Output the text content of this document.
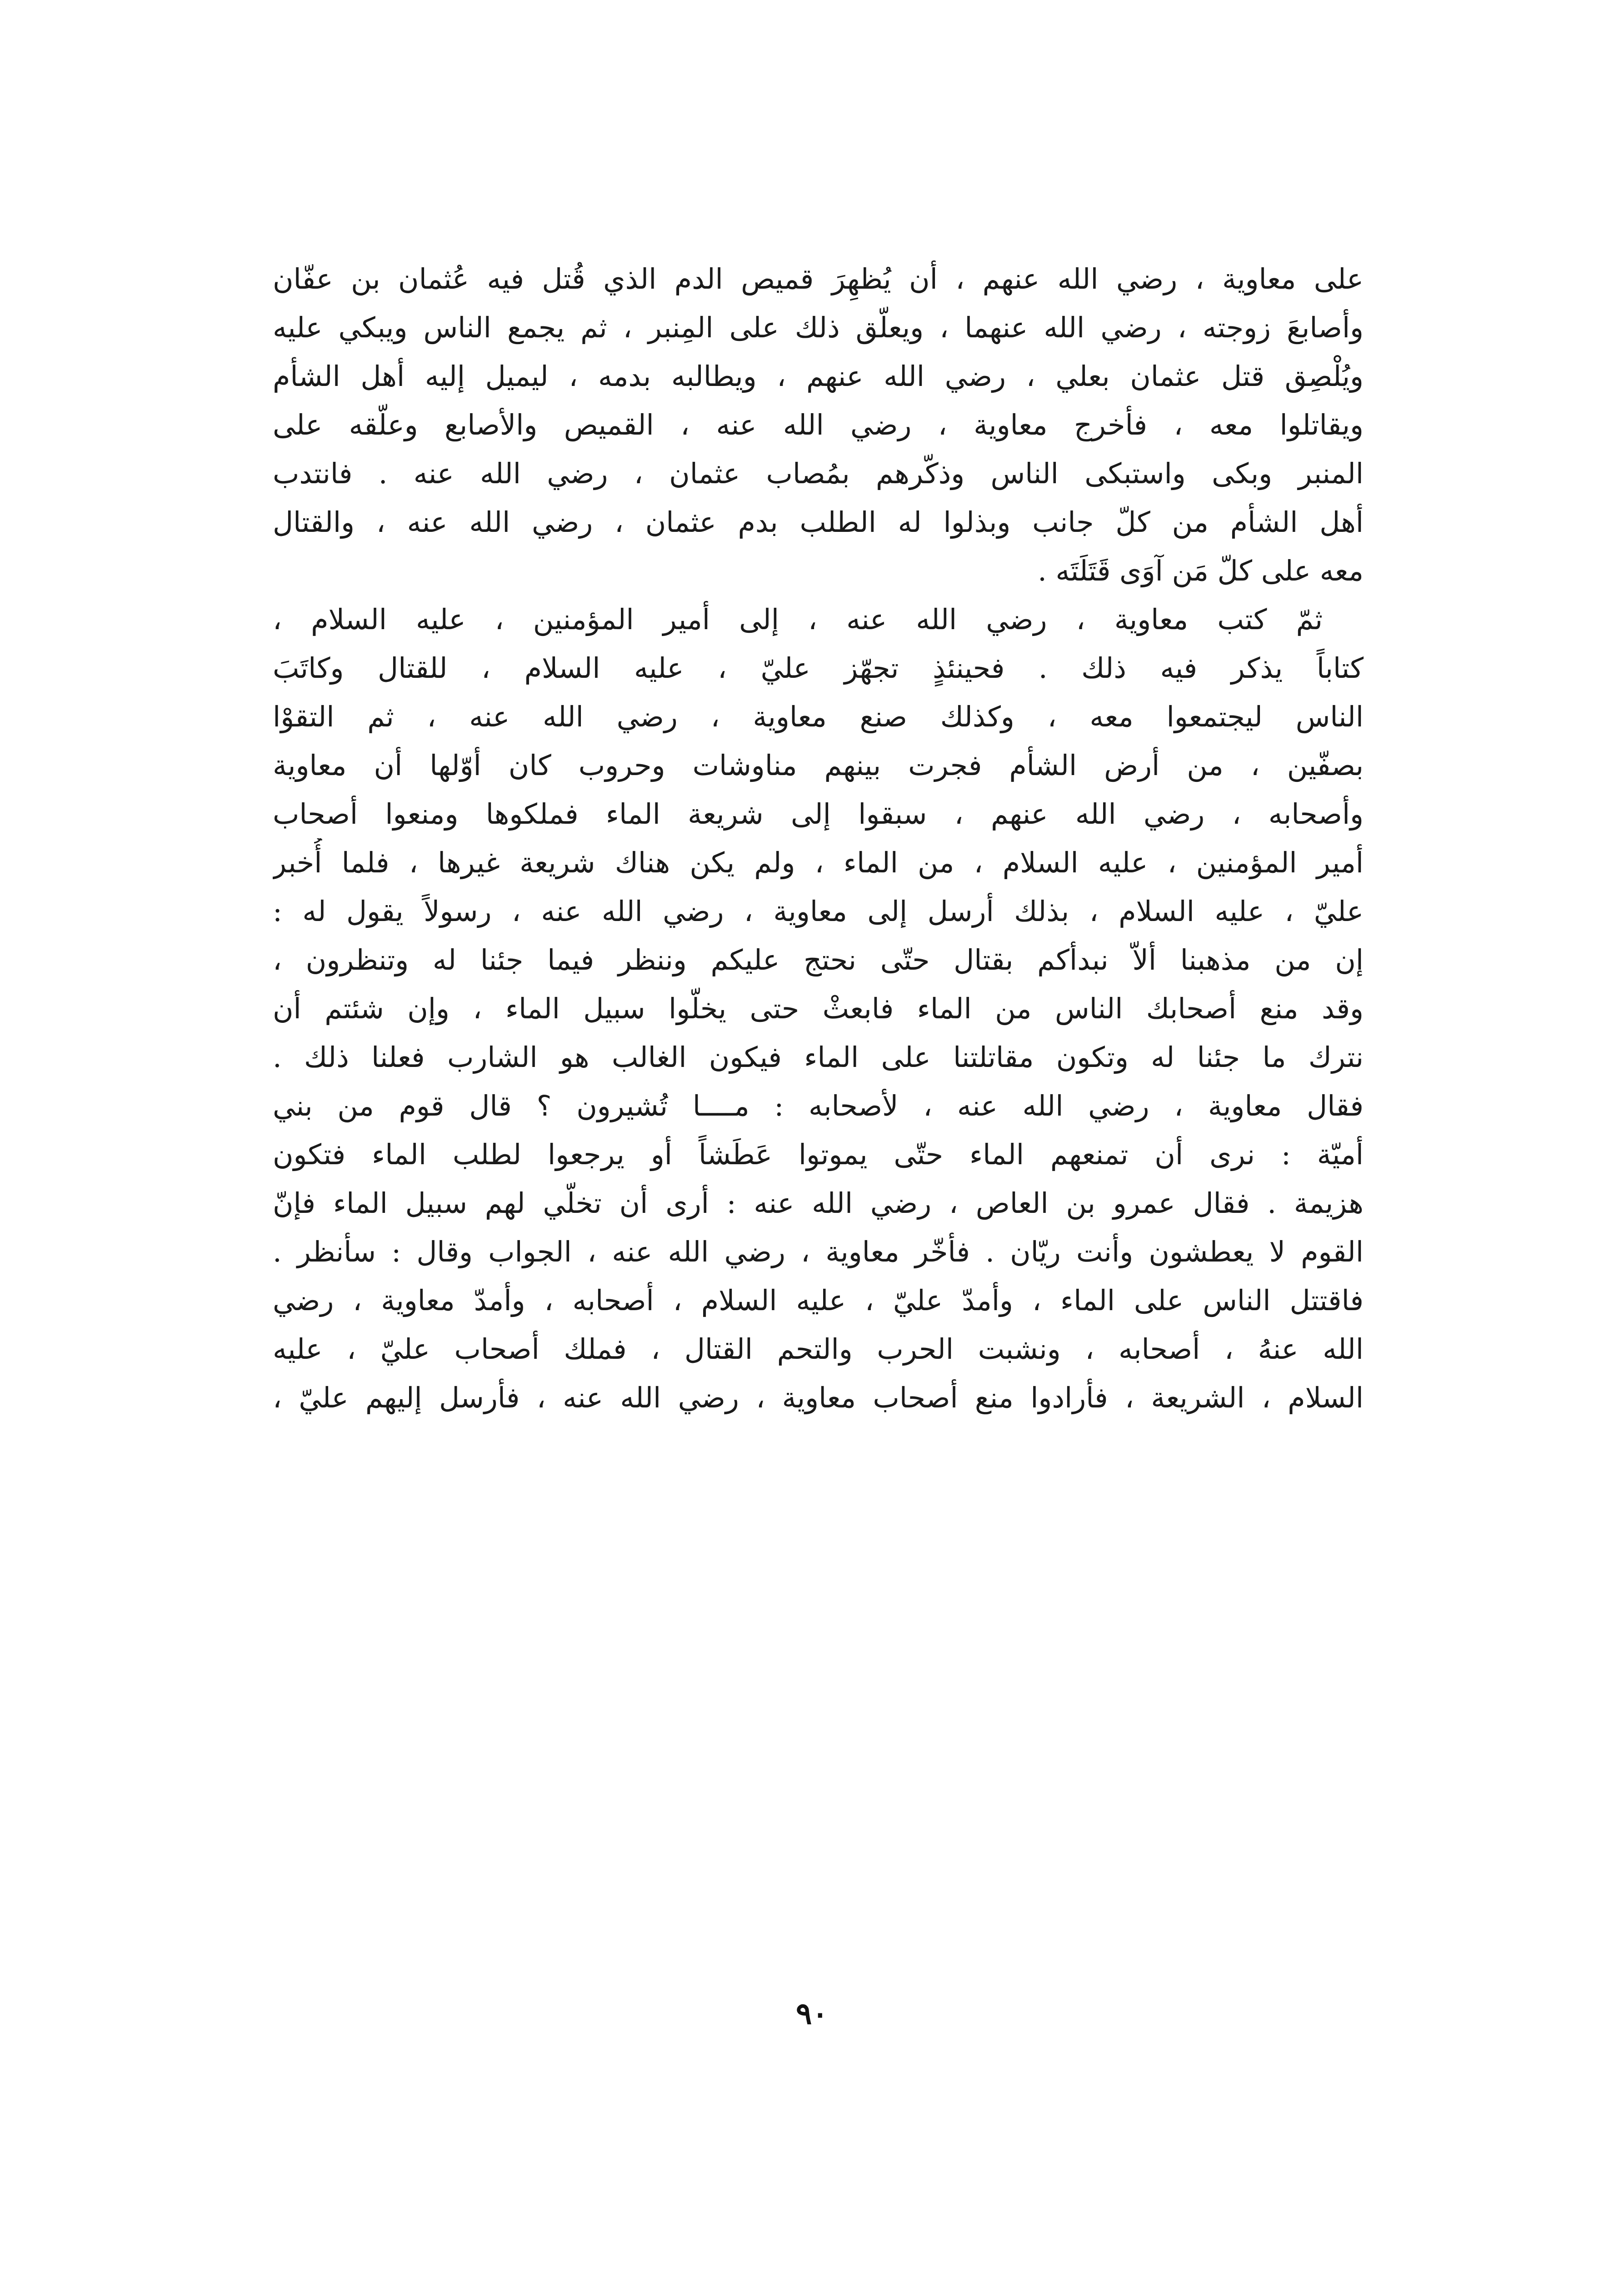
على معاوية ، رضي الله عنهم ، أن يُظهِرَ قميص الدم الذي قُتل فيه عُثمان بن عفّان
وأصابعَ زوجته ، رضي الله عنهما ، ويعلّق ذلك على المِنبر ، ثم يجمع الناس ويبكي عليه
ويُلْصِق قتل عثمان بعلي ، رضي الله عنهم ، ويطالبه بدمه ، ليميل إليه أهل الشأم
ويقاتلوا معه ، فأخرج معاوية ، رضي الله عنه ، القميص والأصابع وعلّقه على
المنبر وبكى واستبكى الناس وذكّرهم بمُصاب عثمان ، رضي الله عنه . فانتدب
أهل الشأم من كلّ جانب وبذلوا له الطلب بدم عثمان ، رضي الله عنه ، والقتال
معه على كلّ مَن آوَى قَتَلَتَه .
ثمّ كتب معاوية ، رضي الله عنه ، إلى أمير المؤمنين ، عليه السلام ،
كتاباً يذكر فيه ذلك . فحينئذٍ تجهّز عليّ ، عليه السلام ، للقتال وكاتَبَ
الناس ليجتمعوا معه ، وكذلك صنع معاوية ، رضي الله عنه ، ثم التقوْا
بصفّين ، من أرض الشأم فجرت بينهم مناوشات وحروب كان أوّلها أن معاوية
وأصحابه ، رضي الله عنهم ، سبقوا إلى شريعة الماء فملكوها ومنعوا أصحاب
أمير المؤمنين ، عليه السلام ، من الماء ، ولم يكن هناك شريعة غيرها ، فلما أُخبر
عليّ ، عليه السلام ، بذلك أرسل إلى معاوية ، رضي الله عنه ، رسولاً يقول له :
إن من مذهبنا ألاّ نبدأكم بقتال حتّى نحتج عليكم وننظر فيما جئنا له وتنظرون ،
وقد منع أصحابك الناس من الماء فابعثْ حتى يخلّوا سبيل الماء ، وإن شئتم أن
نترك ما جئنا له وتكون مقاتلتنا على الماء فيكون الغالب هو الشارب فعلنا ذلك .
فقال معاوية ، رضي الله عنه ، لأصحابه : مــــا تُشيرون ؟ قال قوم من بني
أميّة : نرى أن تمنعهم الماء حتّى يموتوا عَطَشاً أو يرجعوا لطلب الماء فتكون
هزيمة . فقال عمرو بن العاص ، رضي الله عنه : أرى أن تخلّي لهم سبيل الماء فإنّ
القوم لا يعطشون وأنت ريّان . فأخّر معاوية ، رضي الله عنه ، الجواب وقال : سأنظر .
فاقتتل الناس على الماء ، وأمدّ عليّ ، عليه السلام ، أصحابه ، وأمدّ معاوية ، رضي
الله عنهُ ، أصحابه ، ونشبت الحرب والتحم القتال ، فملك أصحاب عليّ ، عليه
السلام ، الشريعة ، فأرادوا منع أصحاب معاوية ، رضي الله عنه ، فأرسل إليهم عليّ ،
٩٠
